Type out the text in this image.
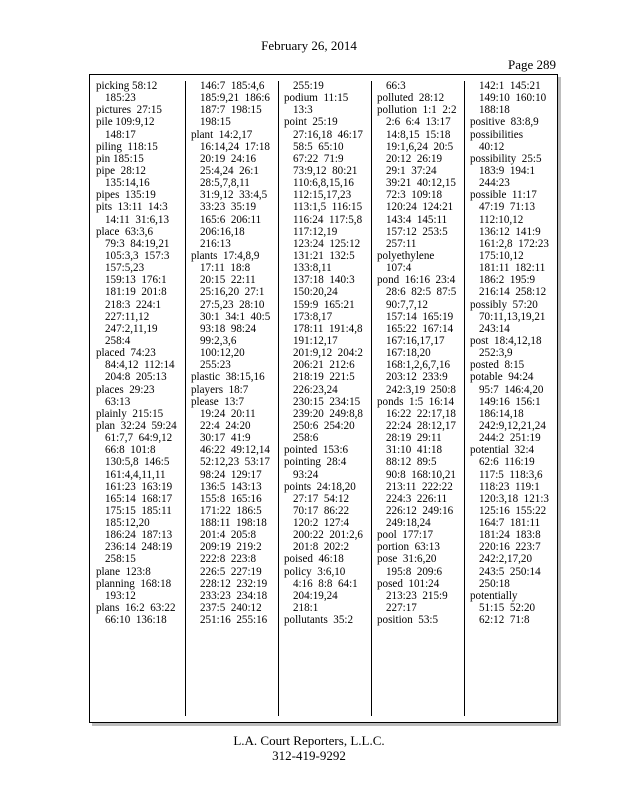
February 26, 2014
Page 289
picking 58:12
185:23
pictures  27:15
pile 109:9,12
148:17
piling  118:15
pin 185:15
pipe  28:12
135:14,16
pipes  135:19
pits  13:11  14:3
14:11  31:6,13
place  63:3,6
79:3  84:19,21
105:3,3  157:3
157:5,23
159:13  176:1
181:19  201:8
218:3  224:1
227:11,12
247:2,11,19
258:4
placed  74:23
84:4,12  112:14
204:8  205:13
places  29:23
63:13
plainly  215:15
plan  32:24  59:24
61:7,7  64:9,12
66:8  101:8
130:5,8  146:5
161:4,4,11,11
161:23  163:19
165:14  168:17
175:15  185:11
185:12,20
186:24  187:13
236:14  248:19
258:15
plane  123:8
planning  168:18
193:12
plans  16:2  63:22
66:10  136:18
146:7  185:4,6
185:9,21  186:6
187:7  198:15
198:15
plant  14:2,17
16:14,24  17:18
20:19  24:16
25:4,24  26:1
28:5,7,8,11
31:9,12  33:4,5
33:23  35:19
165:6  206:11
206:16,18
216:13
plants  17:4,8,9
17:11  18:8
20:15  22:11
25:16,20  27:1
27:5,23  28:10
30:1  34:1  40:5
93:18  98:24
99:2,3,6
100:12,20
255:23
plastic  38:15,16
players  18:7
please  13:7
19:24  20:11
22:4  24:20
30:17  41:9
46:22  49:12,14
52:12,23  53:17
98:24  129:17
136:5  143:13
155:8  165:16
171:22  186:5
188:11  198:18
201:4  205:8
209:19  219:2
222:8  223:8
226:5  227:19
228:12  232:19
233:23  234:18
237:5  240:12
251:16  255:16
255:19
podium  11:15
13:3
point  25:19
27:16,18  46:17
58:5  65:10
67:22  71:9
73:9,12  80:21
110:6,8,15,16
112:15,17,23
113:1,5  116:15
116:24  117:5,8
117:12,19
123:24  125:12
131:21  132:5
133:8,11
137:18  140:3
150:20,24
159:9  165:21
173:8,17
178:11  191:4,8
191:12,17
201:9,12  204:2
206:21  212:6
218:19  221:5
226:23,24
230:15  234:15
239:20  249:8,8
250:6  254:20
258:6
pointed  153:6
pointing  28:4
93:24
points  24:18,20
27:17  54:12
70:17  86:22
120:2  127:4
200:22  201:2,6
201:8  202:2
poised  46:18
policy  3:6,10
4:16  8:8  64:1
204:19,24
218:1
pollutants  35:2
66:3
polluted  28:12
pollution  1:1  2:2
2:6  6:4  13:17
14:8,15  15:18
19:1,6,24  20:5
20:12  26:19
29:1  37:24
39:21  40:12,15
72:3  109:18
120:24  124:21
143:4  145:11
157:12  253:5
257:11
polyethylene
107:4
pond  16:16  23:4
28:6  82:5  87:5
90:7,7,12
157:14  165:19
165:22  167:14
167:16,17,17
167:18,20
168:1,2,6,7,16
203:12  233:9
242:3,19  250:8
ponds  1:5  16:14
16:22  22:17,18
22:24  28:12,17
28:19  29:11
31:10  41:18
88:12  89:5
90:8  168:10,21
213:11  222:22
224:3  226:11
226:12  249:16
249:18,24
pool  177:17
portion  63:13
pose  31:6,20
195:8  209:6
posed  101:24
213:23  215:9
227:17
position  53:5
142:1  145:21
149:10  160:10
188:18
positive  83:8,9
possibilities
40:12
possibility  25:5
183:9  194:1
244:23
possible  11:17
47:19  71:13
112:10,12
136:12  141:9
161:2,8  172:23
175:10,12
181:11  182:11
186:2  195:9
216:14  258:12
possibly  57:20
70:11,13,19,21
243:14
post  18:4,12,18
252:3,9
posted  8:15
potable  94:24
95:7  146:4,20
149:16  156:1
186:14,18
242:9,12,21,24
244:2  251:19
potential  32:4
62:6  116:19
117:5  118:3,6
118:23  119:1
120:3,18  121:3
125:16  155:22
164:7  181:11
181:24  183:8
220:16  223:7
242:2,17,20
243:5  250:14
250:18
potentially
51:15  52:20
62:12  71:8
L.A. Court Reporters, L.L.C.
312-419-9292
